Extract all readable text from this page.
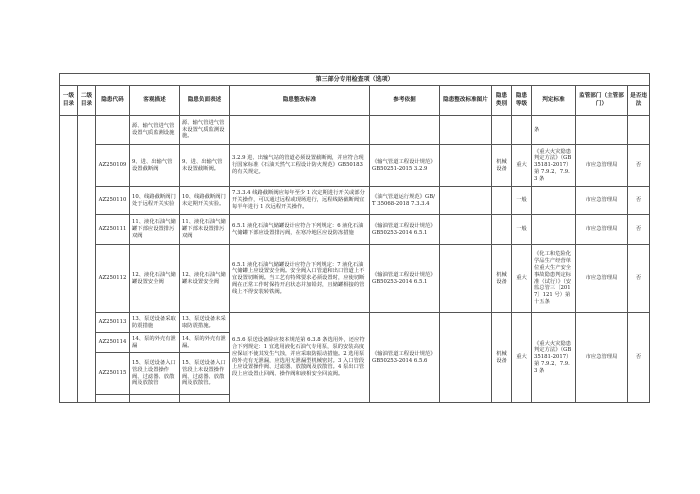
第三部分专用检查项（选项）												
一级目录	二级目录	隐患代码	客观描述	隐患负面表述	隐患整改标准	参考依据	隐患整改标准图片	隐患类别	隐患等级	判定标准	监管部门（主管部门）	是否违法
			源、输气管进气管设置气质监测设施	源、输气管进气管未设置气质监测设施。						条		
		AZ250109	9、进、出输气管设置截断阀	9、进、出输气管未设置截断阀。	3.2.9 进、出输气站的管道必须设置截断阀，并应符合现行国家标准《石油天然气工程设计防火规范》GB50183 的有关规定。	《输气管道工程设计规范》GB50251-2015 3.2.9		机械设备	重大	《重大火灾隐患判定方法》（GB35181-2017）第 7.9.2、7.9.3 条	市应急管理局	否
		AZ250110	10、线路截断阀门处于远程开关实验	10、线路截断阀门未定期开关实验。	7.3.3.4 线路截断阀应每年至少 1 次定期进行开关或部分开关操作，可以通过远程或现场进行，远程线路截断阀宜每半年进行 1 次远程开关操作。	《油气管道运行规范》GB/T 35068-2018 7.3.3.4			一般		市应急管理局	否
		AZ250111	11、液化石油气储罐下部应设置排污双阀	11、液化石油气储罐下部未设置排污双阀	6.5.1 液化石油气储罐设计应符合下列规定：6 液化石油气储罐下部应设置排污阀，在寒冷地区应设防冻措施	《输油管道工程设计规范》GB50253-2014 6.5.1			一般		市应急管理局	否
		AZ250112	12、液化石油气储罐设置安全阀	12、液化石油气储罐未设置安全阀	6.5.1 液化石油气储罐设计应符合下列规定：7 液化石油气储罐上应设置安全阀。安全阀入口管道和出口管道上不宜设置切断阀。当工艺有特殊要求必须设置时，应使切断阀在正常工作时保持开启状态并加铅封，且储罐相接的管线上不得安装转铁阀。	《输油管道工程设计规范》GB50253-2014 6.5.1		机械设备	重大	《化工和危险化学品生产经营单位重大生产安全事故隐患判定标准（试行）》（安监总管三〔2017〕121 号）第十五条	市应急管理局	否
		AZ250113	13、泵送设备采取防震措施	13、泵送设备未采取防震措施。	6.5.6 泵送设备除应按本规范第 6.3.8 条选用外，还应符合下列规定：1 宜选用液化石油气专用泵，泵的安装高度应保证不使其发生气蚀，并应采取防振动措施。2 选用泵的外壳有无泄漏，应选用无泄漏型机械密封。3 入口管段上应设置操作阀、过滤器、放散阀及放散管。4 泵出口管段上应设置止回阀、操作阀和液相安全回流阀。	《输油管道工程设计规范》GB50253-2014 6.5.6		机械设备	重大	《重大火灾隐患判定方法》（GB35181-2017）第 7.9.2、7.9.3 条	市应急管理局	否
		AZ250114	14、泵的外壳有泄漏	14、泵的外壳有泄漏。								
		AZ250115	15、泵送设备入口管段上设置操作阀、过滤器、放散阀及放散管	15、泵送设备入口管段上未设置操作阀、过滤器、放散阀及放散管。								
